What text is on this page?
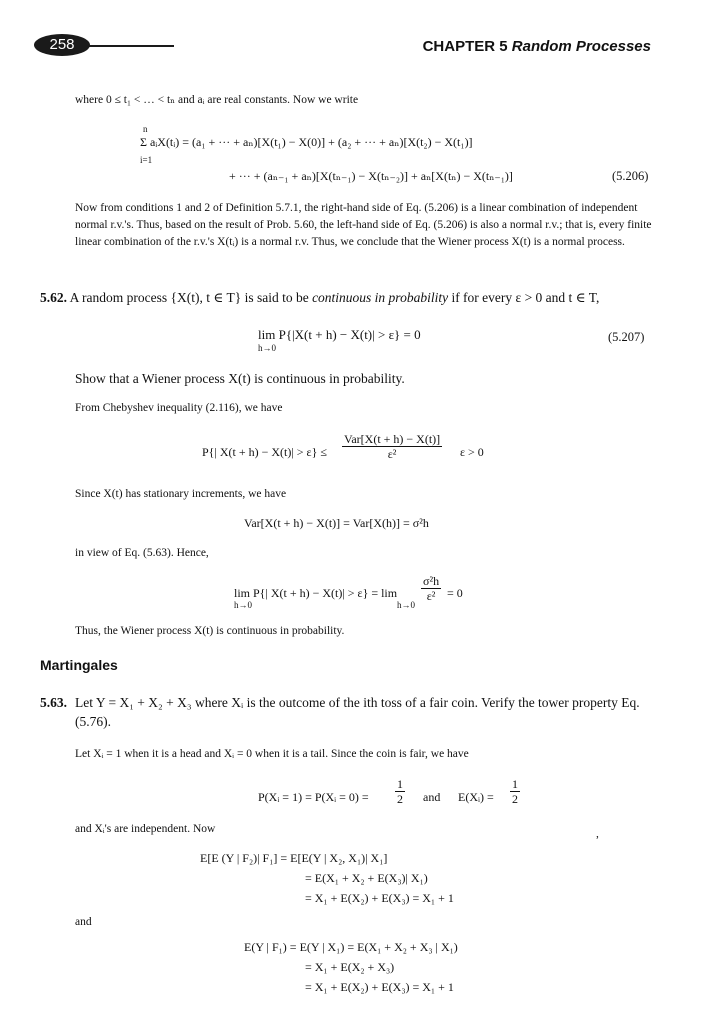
258	CHAPTER 5 Random Processes
where 0 ≤ t₁ < … < tₙ and aᵢ are real constants. Now we write
n
i=1
Σ aᵢX(tᵢ) = (a₁ + ··· + aₙ)[X(t₁) − X(0)] + (a₂ + ··· + aₙ)[X(t₂) − X(t₁)]
+ ··· + (aₙ₋₁ + aₙ)[X(tₙ₋₁) − X(tₙ₋₂)] + aₙ[X(tₙ) − X(tₙ₋₁)]	(5.206)
Now from conditions 1 and 2 of Definition 5.7.1, the right-hand side of Eq. (5.206) is a linear combination of independent normal r.v.'s. Thus, based on the result of Prob. 5.60, the left-hand side of Eq. (5.206) is also a normal r.v.; that is, every finite linear combination of the r.v.'s X(tᵢ) is a normal r.v. Thus, we conclude that the Wiener process X(t) is a normal process.
5.62. A random process {X(t), t ∈ T} is said to be continuous in probability if for every ε > 0 and t ∈ T,
lim P{|X(t + h) − X(t)| > ε} = 0
h→0
(5.207)
Show that a Wiener process X(t) is continuous in probability.
From Chebyshev inequality (2.116), we have
P{| $X(t + h) - X(t)| > \varepsilon\} \le \frac{\text{Var[X(t + h) − X(t)]}}{\text{ε²}}$ ε > 0
Since X(t) has stationary increments, we have
Var[X(t + h) − X(t)] = Var[X(h)] = σ²h
in view of Eq. (5.63). Hence,
lim P{| X(t + h) − X(t)| > ε} = lim
h→0	h→0
$\frac{\text{σ²h}}{\text{ε²}} = 0$
Thus, the Wiener process X(t) is continuous in probability.
Martingales
5.63. Let Y = X₁ + X₂ + X₃ where Xᵢ is the outcome of the ith toss of a fair coin. Verify the tower property Eq. (5.76).
Let Xᵢ = 1 when it is a head and Xᵢ = 0 when it is a tail. Since the coin is fair, we have
P(Xᵢ = 1) = P(Xᵢ = $0) = \frac{1}{2}$ and E(Xᵢ) = $\frac{1}{2}$
and Xᵢ's are independent. Now	,
E[E (Y | F₂)| F₁] = E[E(Y | X₂, X₁)| X₁]
= E(X₁ + X₂ + E(X₃)| X₁)
= X₁ + E(X₂) + E(X₃) = X₁ + 1
and
E(Y | F₁) = E(Y | X₁) = E(X₁ + X₂ + X₃ | X₁)
= X₁ + E(X₂ + X₃)
= X₁ + E(X₂) + E(X₃) = X₁ + 1
